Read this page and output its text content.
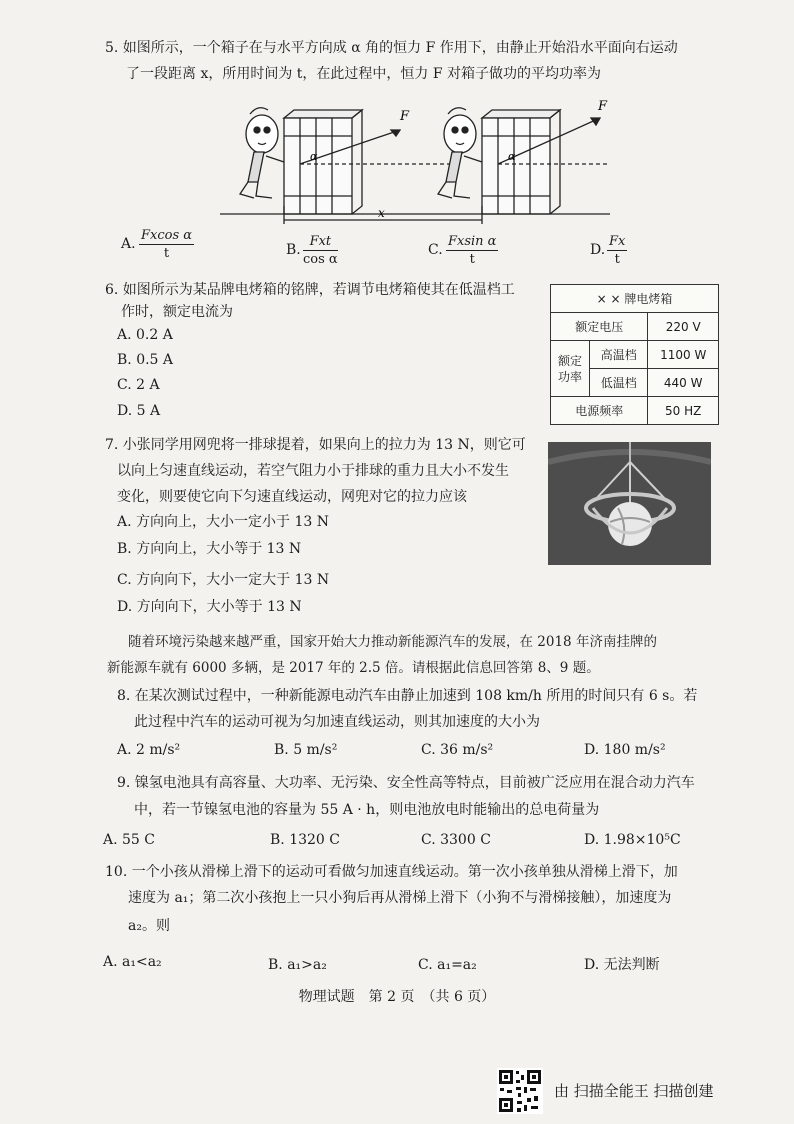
5. 如图所示，一个箱子在与水平方向成 α 角的恒力 F 作用下，由静止开始沿水平面向右运动
了一段距离 x，所用时间为 t，在此过程中，恒力 F 对箱子做功的平均功率为
F
F
α	α
x
A. $\frac{\text{Fxcos α}}{t}$	B.
Fxt
cos α
C. $\frac{\text{Fxsin α}}{t}$	D. $\frac{Fx}{t}$
6. 如图所示为某品牌电烤箱的铭牌，若调节电烤箱使其在低温档工
作时，额定电流为
A. 0.2 A
B. 0.5 A
C. 2 A
D. 5 A
× × 牌电烤箱		
额定电压		220 V
额定功率	高温档	1100 W
	低温档	440 W
电源频率		50 HZ
7. 小张同学用网兜将一排球提着，如果向上的拉力为 13 N，则它可
以向上匀速直线运动，若空气阻力小于排球的重力且大小不发生
变化，则要使它向下匀速直线运动，网兜对它的拉力应该
A. 方向向上，大小一定小于 13 N
B. 方向向上，大小等于 13 N
C. 方向向下，大小一定大于 13 N
D. 方向向下，大小等于 13 N
随着环境污染越来越严重，国家开始大力推动新能源汽车的发展，在 2018 年济南挂牌的
新能源车就有 6000 多辆，是 2017 年的 2.5 倍。请根据此信息回答第 8、9 题。
8. 在某次测试过程中，一种新能源电动汽车由静止加速到 108 km/h 所用的时间只有 6 s。若
此过程中汽车的运动可视为匀加速直线运动，则其加速度的大小为
A. 2 m/s²	B. 5 m/s²	C. 36 m/s²	D. 180 m/s²
9. 镍氢电池具有高容量、大功率、无污染、安全性高等特点，目前被广泛应用在混合动力汽车
中，若一节镍氢电池的容量为 55 A · h，则电池放电时能输出的总电荷量为
A. 55 C	B. 1320 C	C. 3300 C	D. 1.98×10⁵C
10. 一个小孩从滑梯上滑下的运动可看做匀加速直线运动。第一次小孩单独从滑梯上滑下，加
速度为 a₁；第二次小孩抱上一只小狗后再从滑梯上滑下（小狗不与滑梯接触），加速度为
a₂。则
A. a₁<a₂	B. a₁>a₂	C. a₁=a₂	D. 无法判断
物理试题　第 2 页　（共 6 页）
由 扫描全能王 扫描创建
